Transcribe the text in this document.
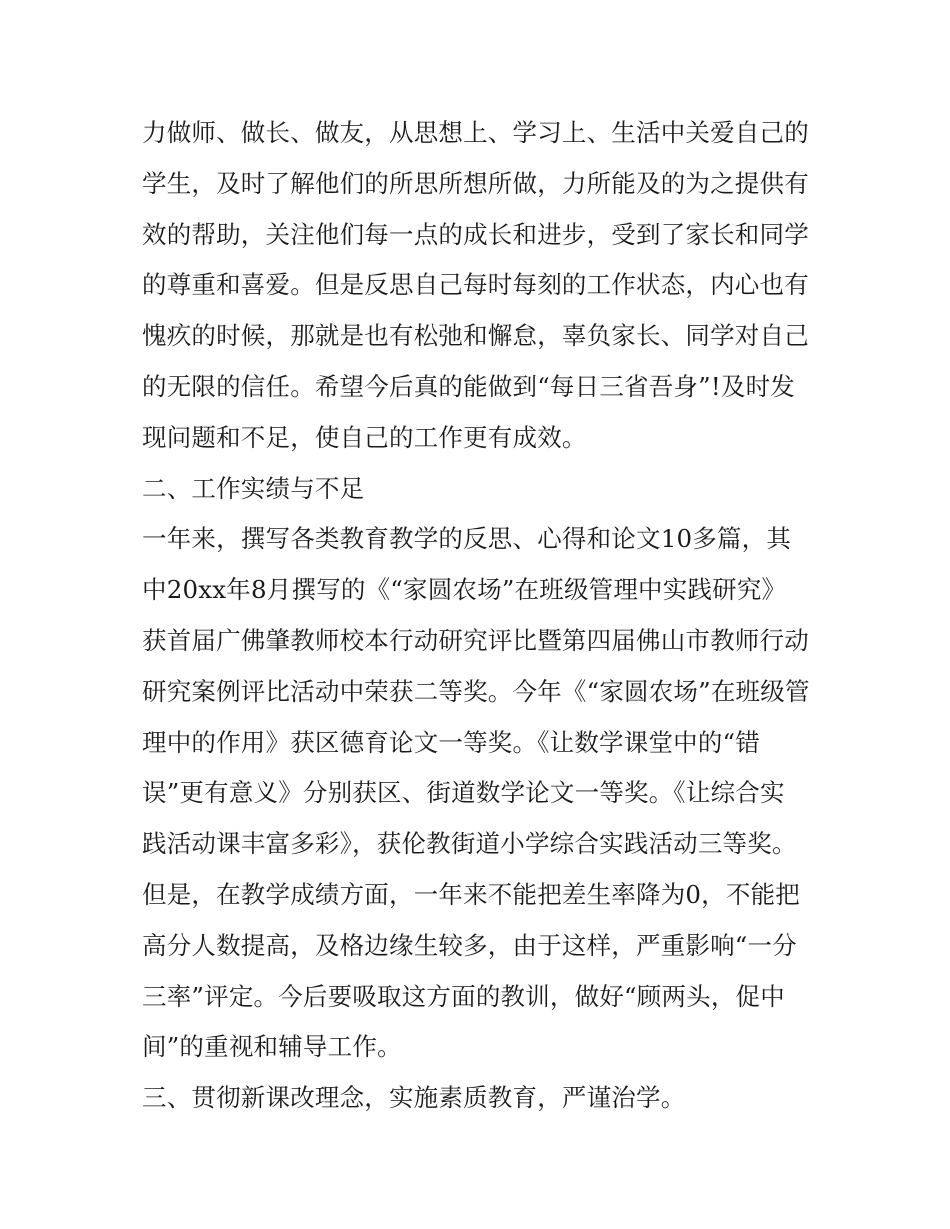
力做师、做长、做友，从思想上、学习上、生活中关爱自己的
学生，及时了解他们的所思所想所做，力所能及的为之提供有
效的帮助，关注他们每一点的成长和进步，受到了家长和同学
的尊重和喜爱。但是反思自己每时每刻的工作状态，内心也有
愧疚的时候，那就是也有松弛和懈怠，辜负家长、同学对自己
的无限的信任。希望今后真的能做到“每日三省吾身”!及时发
现问题和不足，使自己的工作更有成效。
二、工作实绩与不足
一年来，撰写各类教育教学的反思、心得和论文10多篇，其
中20xx年8月撰写的《“家圆农场”在班级管理中实践研究》
获首届广佛肇教师校本行动研究评比暨第四届佛山市教师行动
研究案例评比活动中荣获二等奖。今年《“家圆农场”在班级管
理中的作用》获区德育论文一等奖。《让数学课堂中的“错
误”更有意义》分别获区、街道数学论文一等奖。《让综合实
践活动课丰富多彩》，获伦教街道小学综合实践活动三等奖。
但是，在教学成绩方面，一年来不能把差生率降为0，不能把
高分人数提高，及格边缘生较多，由于这样，严重影响“一分
三率”评定。今后要吸取这方面的教训，做好“顾两头，促中
间”的重视和辅导工作。
三、贯彻新课改理念，实施素质教育，严谨治学。
